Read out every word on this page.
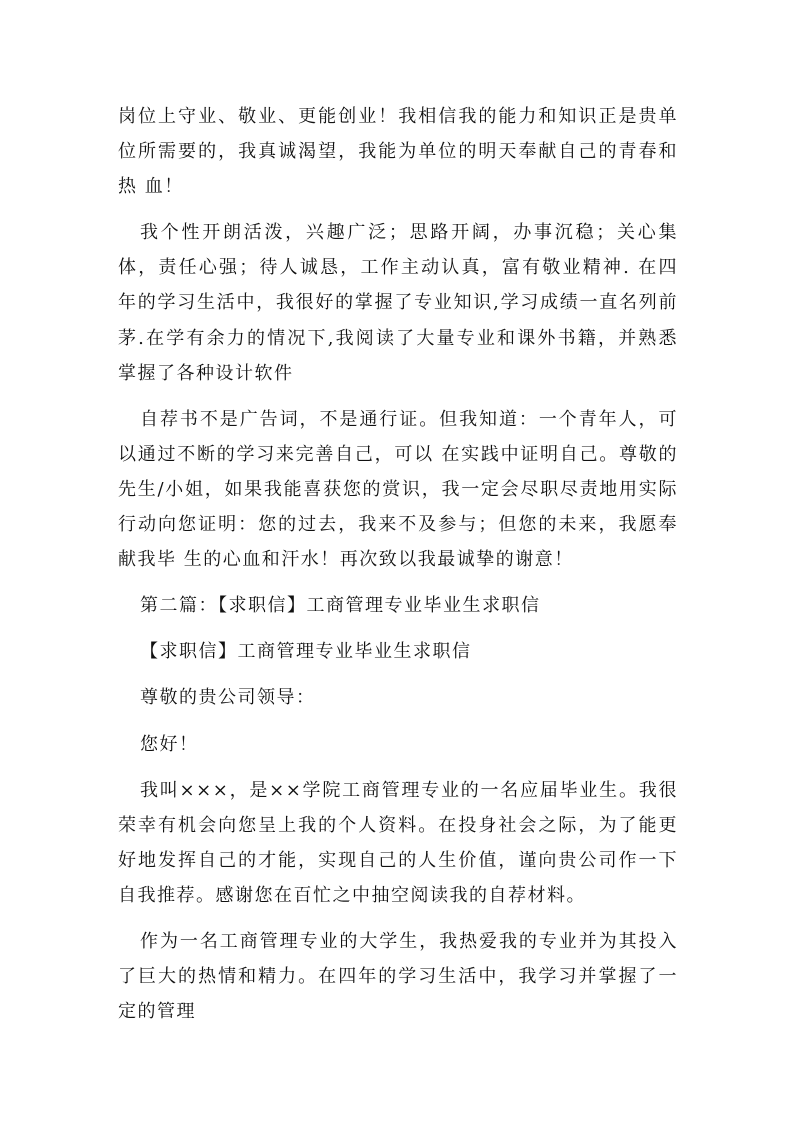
岗位上守业、敬业、更能创业！我相信我的能力和知识正是贵单位所需要的，我真诚渴望，我能为单位的明天奉献自己的青春和热 血！

我个性开朗活泼，兴趣广泛；思路开阔，办事沉稳；关心集体，责任心强；待人诚恳，工作主动认真，富有敬业精神. 在四年的学习生活中，我很好的掌握了专业知识,学习成绩一直名列前茅.在学有余力的情况下,我阅读了大量专业和课外书籍，并熟悉掌握了各种设计软件

自荐书不是广告词，不是通行证。但我知道：一个青年人，可以通过不断的学习来完善自己，可以 在实践中证明自己。尊敬的先生/小姐，如果我能喜获您的赏识，我一定会尽职尽责地用实际行动向您证明：您的过去，我来不及参与；但您的未来，我愿奉献我毕 生的心血和汗水！再次致以我最诚挚的谢意！

第二篇：【求职信】工商管理专业毕业生求职信

【求职信】工商管理专业毕业生求职信

尊敬的贵公司领导：

您好！

我叫×××，是××学院工商管理专业的一名应届毕业生。我很荣幸有机会向您呈上我的个人资料。在投身社会之际，为了能更好地发挥自己的才能，实现自己的人生价值，谨向贵公司作一下自我推荐。感谢您在百忙之中抽空阅读我的自荐材料。

作为一名工商管理专业的大学生，我热爱我的专业并为其投入了巨大的热情和精力。在四年的学习生活中，我学习并掌握了一定的管理
